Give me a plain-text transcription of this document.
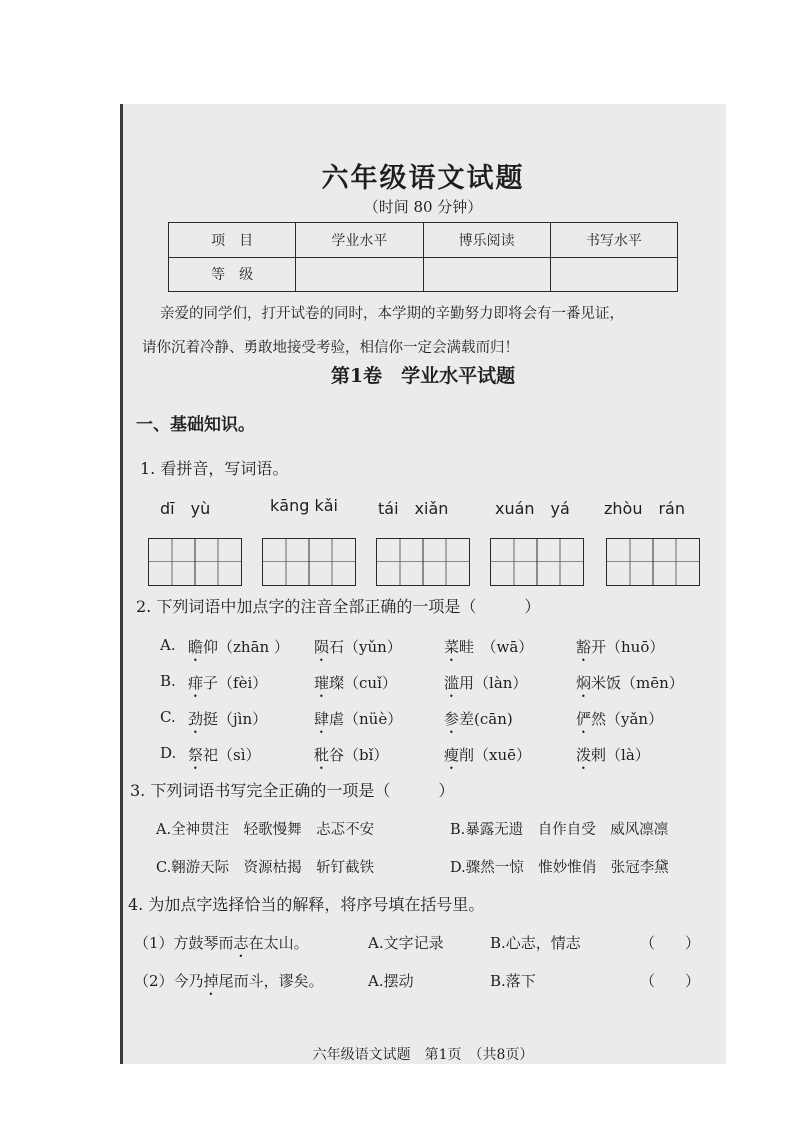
六年级语文试题
（时间 80 分钟）
项　目	学业水平	博乐阅读	书写水平
等　级			
亲爱的同学们，打开试卷的同时，本学期的辛勤努力即将会有一番见证，
请你沉着冷静、勇敢地接受考验，相信你一定会满载而归！
第1卷　学业水平试题
一、基础知识。
1. 看拼音，写词语。
dī　yù	kāng kǎi	tái　xiǎn	xuán　yá zhòu　rán
2. 下列词语中加点字的注音全部正确的一项是（　　　）
A. 瞻仰（zhān ） 陨石（yǔn）	菜畦　（wā）	豁开（huō）
B. 痱子（fèi）	璀璨（cuǐ）	滥用（làn）	焖米饭（mēn）
C. 劲挺（jìn）	肆虐（nüè）	参差(cān)	俨然（yǎn）
D. 祭祀（sì）	秕谷（bǐ）	瘦削（xuē）	泼剌（là）
3. 下列词语书写完全正确的一项是（　　　）
A.全神贯注　轻歌慢舞　忐忑不安	B.暴露无遗　自作自受　威风凛凛
C.翱游天际　资源枯揭　斩钉截铁	D.骤然一惊　惟妙惟俏　张冠李黛
4. 为加点字选择恰当的解释，将序号填在括号里。
（1）方鼓琴而志在太山。	A.文字记录	B.心志，情志	（　　）
（2）今乃掉尾而斗，谬矣。	A.摆动	B.落下	（　　）
六年级语文试题　第1页　（共8页）
